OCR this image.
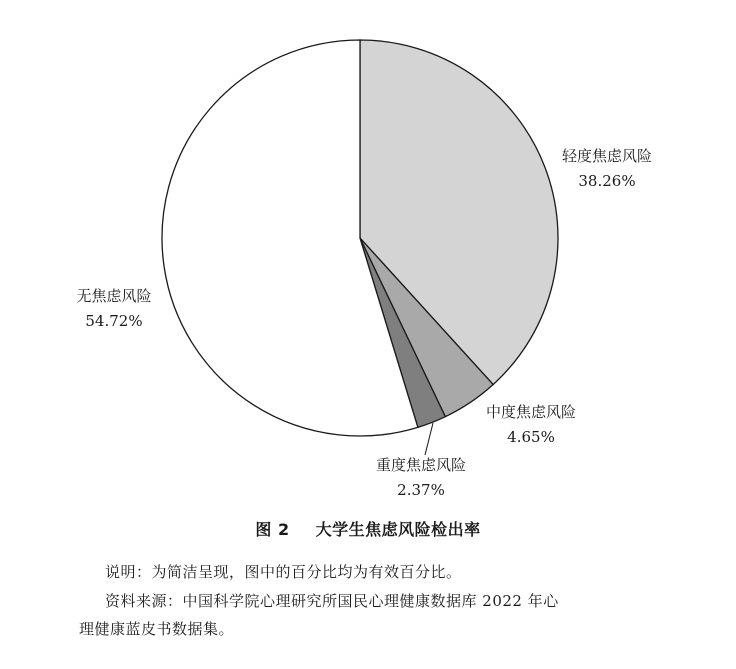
轻度焦虑风险
38.26%
中度焦虑风险
4.65%
重度焦虑风险
2.37%
无焦虑风险
54.72%
图 2 大学生焦虑风险检出率
说明：为简洁呈现，图中的百分比均为有效百分比。
资料来源：中国科学院心理研究所国民心理健康数据库 2022 年心
理健康蓝皮书数据集。
